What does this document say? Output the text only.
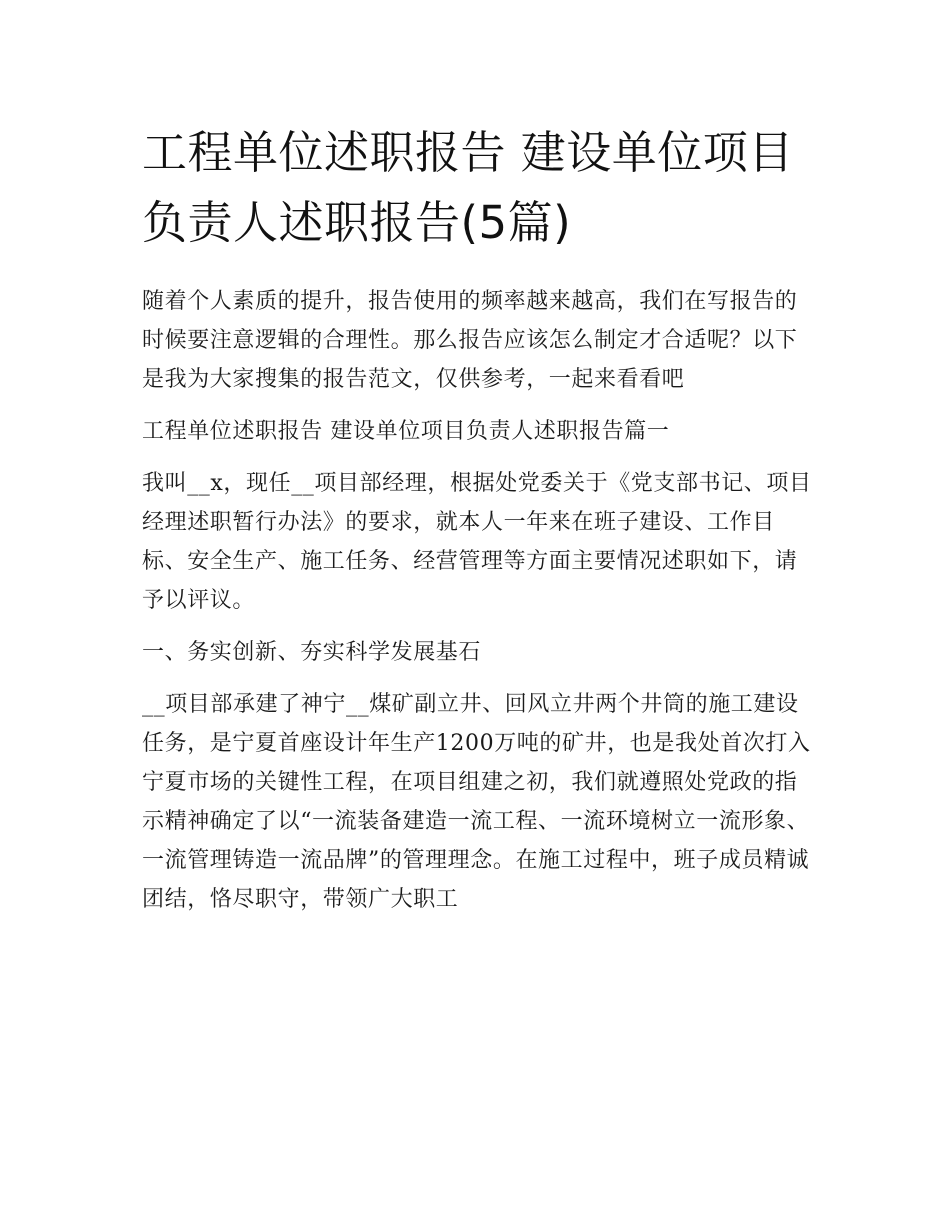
工程单位述职报告 建设单位项目负责人述职报告(5篇)

随着个人素质的提升，报告使用的频率越来越高，我们在写报告的时候要注意逻辑的合理性。那么报告应该怎么制定才合适呢？以下是我为大家搜集的报告范文，仅供参考，一起来看看吧

工程单位述职报告 建设单位项目负责人述职报告篇一

我叫__x，现任__项目部经理，根据处党委关于《党支部书记、项目经理述职暂行办法》的要求，就本人一年来在班子建设、工作目标、安全生产、施工任务、经营管理等方面主要情况述职如下，请予以评议。

一、务实创新、夯实科学发展基石

__项目部承建了神宁__煤矿副立井、回风立井两个井筒的施工建设任务，是宁夏首座设计年生产1200万吨的矿井，也是我处首次打入宁夏市场的关键性工程，在项目组建之初，我们就遵照处党政的指示精神确定了以“一流装备建造一流工程、一流环境树立一流形象、一流管理铸造一流品牌”的管理理念。在施工过程中，班子成员精诚团结，恪尽职守，带领广大职工
